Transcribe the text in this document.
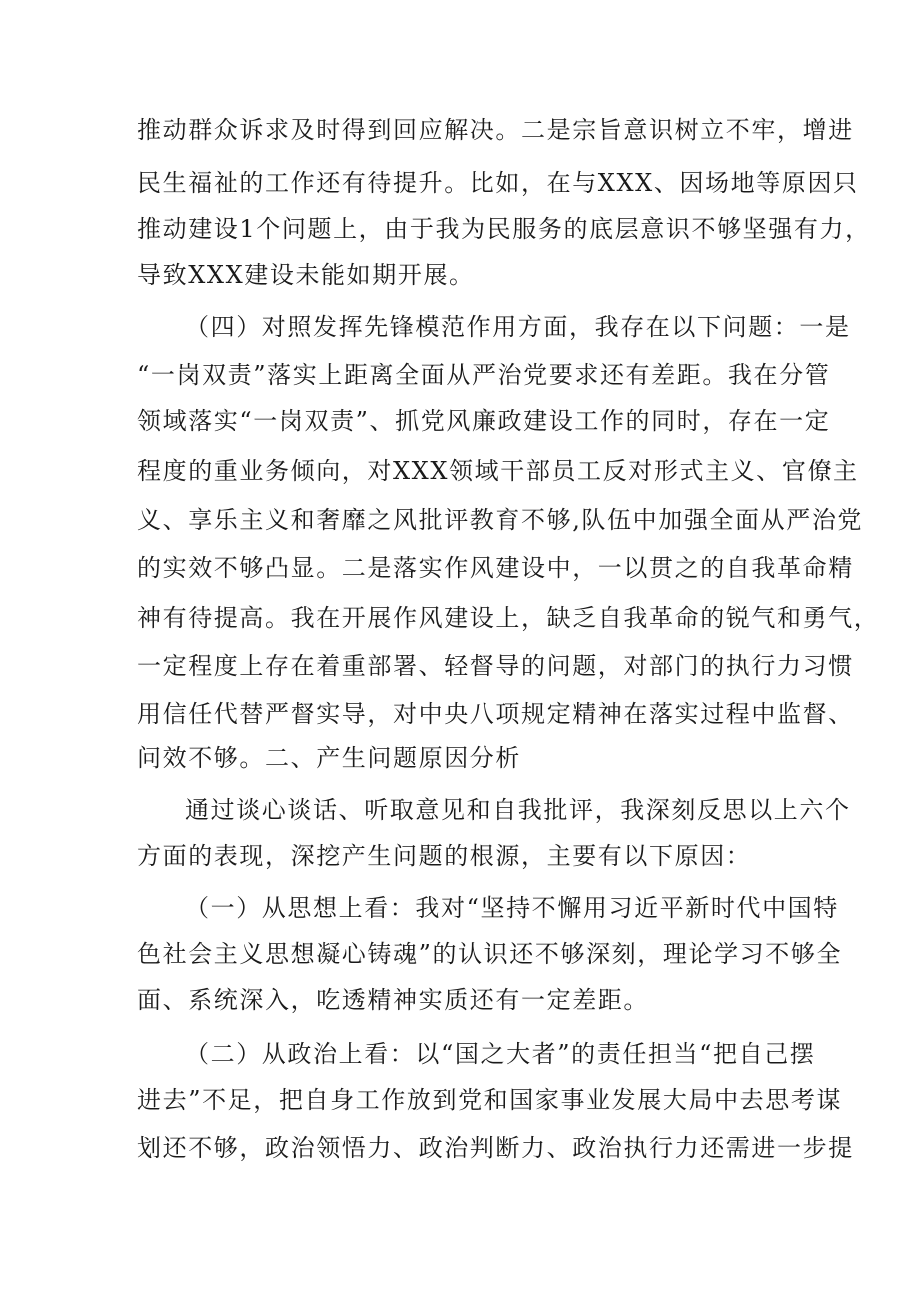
推动群众诉求及时得到回应解决。二是宗旨意识树立不牢，增进
民生福祉的工作还有待提升。比如，在与XXX、因场地等原因只
推动建设1个问题上，由于我为民服务的底层意识不够坚强有力，
导致XXX建设未能如期开展。
（四）对照发挥先锋模范作用方面，我存在以下问题：一是
“一岗双责”落实上距离全面从严治党要求还有差距。我在分管
领域落实“一岗双责”、抓党风廉政建设工作的同时，存在一定
程度的重业务倾向，对XXX领域干部员工反对形式主义、官僚主
义、享乐主义和奢靡之风批评教育不够,队伍中加强全面从严治党
的实效不够凸显。二是落实作风建设中，一以贯之的自我革命精
神有待提高。我在开展作风建设上，缺乏自我革命的锐气和勇气，
一定程度上存在着重部署、轻督导的问题，对部门的执行力习惯
用信任代替严督实导，对中央八项规定精神在落实过程中监督、
问效不够。二、产生问题原因分析
通过谈心谈话、听取意见和自我批评，我深刻反思以上六个
方面的表现，深挖产生问题的根源，主要有以下原因：
（一）从思想上看：我对“坚持不懈用习近平新时代中国特
色社会主义思想凝心铸魂”的认识还不够深刻，理论学习不够全
面、系统深入，吃透精神实质还有一定差距。
（二）从政治上看：以“国之大者”的责任担当“把自己摆
进去”不足，把自身工作放到党和国家事业发展大局中去思考谋
划还不够，政治领悟力、政治判断力、政治执行力还需进一步提
